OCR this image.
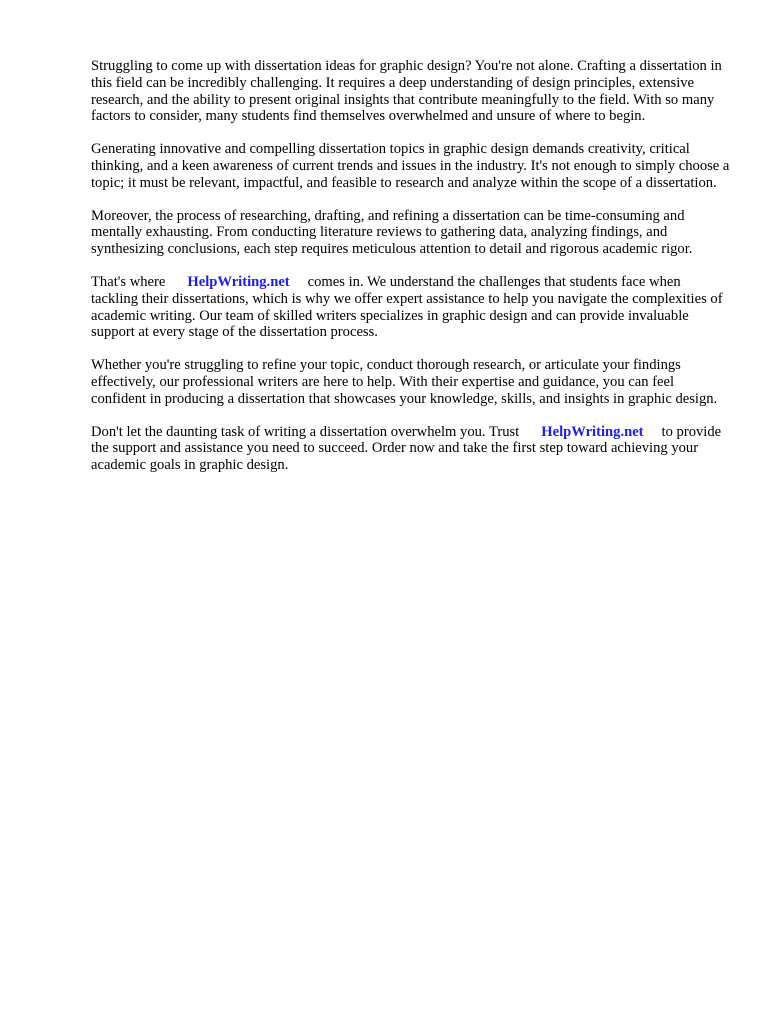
Struggling to come up with dissertation ideas for graphic design? You're not alone. Crafting a dissertation in this field can be incredibly challenging. It requires a deep understanding of design principles, extensive research, and the ability to present original insights that contribute meaningfully to the field. With so many factors to consider, many students find themselves overwhelmed and unsure of where to begin.

Generating innovative and compelling dissertation topics in graphic design demands creativity, critical thinking, and a keen awareness of current trends and issues in the industry. It's not enough to simply choose a topic; it must be relevant, impactful, and feasible to research and analyze within the scope of a dissertation.

Moreover, the process of researching, drafting, and refining a dissertation can be time-consuming and mentally exhausting. From conducting literature reviews to gathering data, analyzing findings, and synthesizing conclusions, each step requires meticulous attention to detail and rigorous academic rigor.

That's where HelpWriting.net comes in. We understand the challenges that students face when tackling their dissertations, which is why we offer expert assistance to help you navigate the complexities of academic writing. Our team of skilled writers specializes in graphic design and can provide invaluable support at every stage of the dissertation process.

Whether you're struggling to refine your topic, conduct thorough research, or articulate your findings effectively, our professional writers are here to help. With their expertise and guidance, you can feel confident in producing a dissertation that showcases your knowledge, skills, and insights in graphic design.

Don't let the daunting task of writing a dissertation overwhelm you. Trust HelpWriting.net to provide the support and assistance you need to succeed. Order now and take the first step toward achieving your academic goals in graphic design.
